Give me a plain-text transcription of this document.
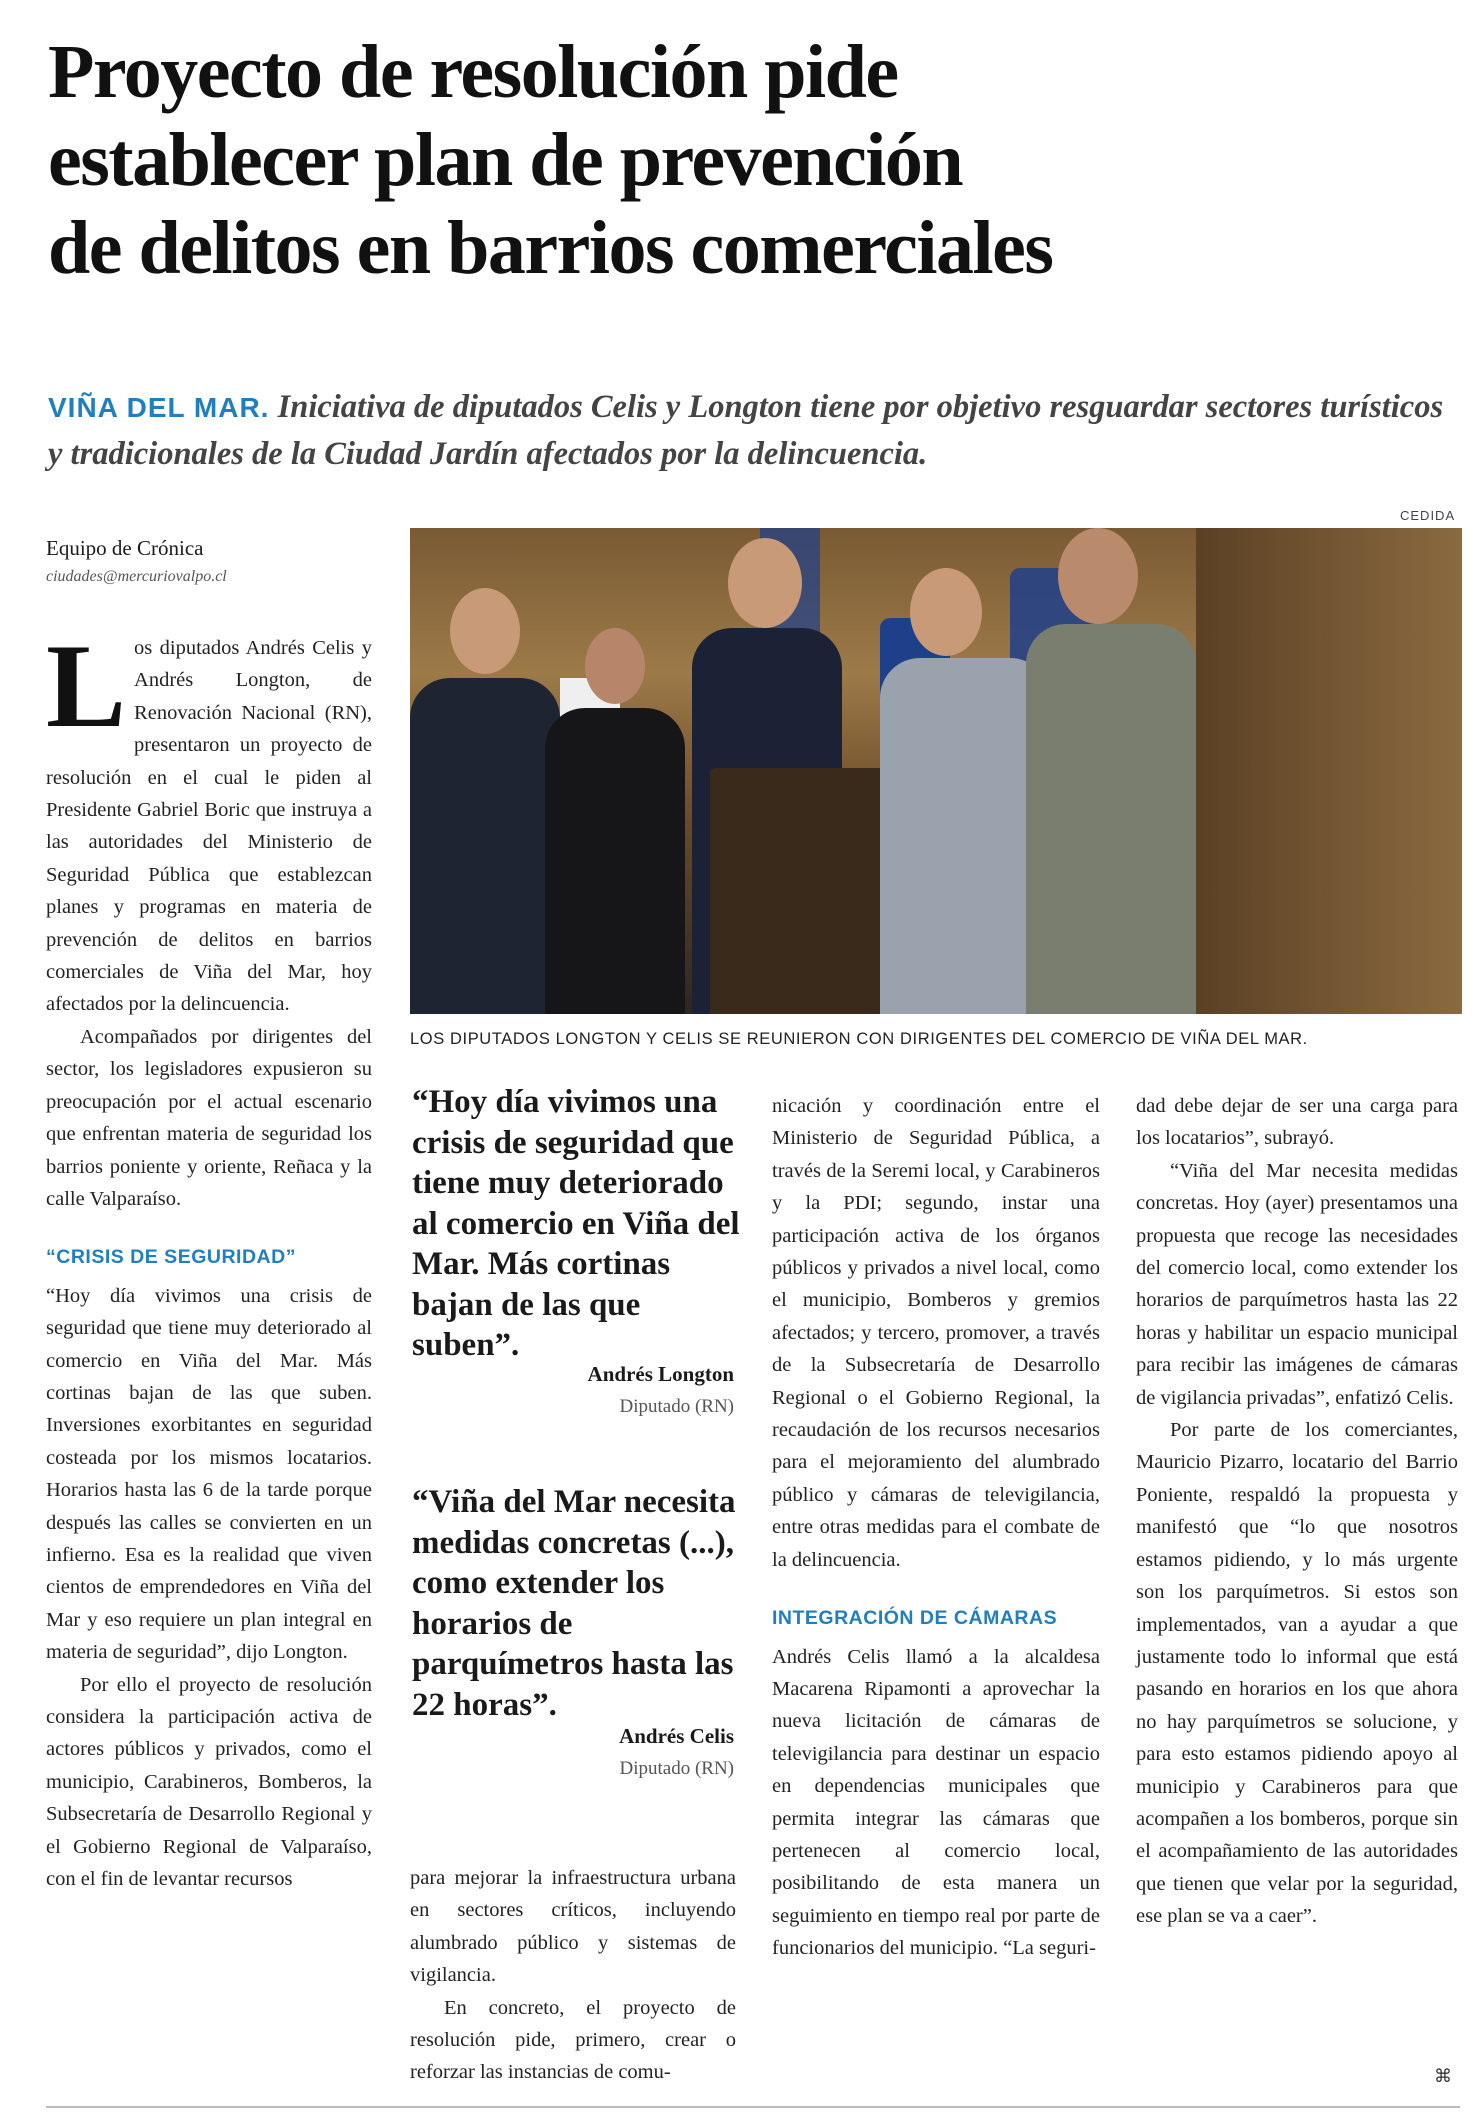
Proyecto de resolución pide
establecer plan de prevención
de delitos en barrios comerciales
VIÑA DEL MAR. Iniciativa de diputados Celis y Longton tiene por objetivo resguardar sectores turísticos y tradicionales de la Ciudad Jardín afectados por la delincuencia.
Equipo de Crónica
ciudades@mercuriovalpo.cl
CEDIDA
LOS DIPUTADOS LONGTON Y CELIS SE REUNIERON CON DIRIGENTES DEL COMERCIO DE VIÑA DEL MAR.

Los diputados Andrés Celis y Andrés Longton, de Renovación Nacional (RN), presentaron un proyecto de resolución en el cual le piden al Presidente Gabriel Boric que instruya a las autoridades del Ministerio de Seguridad Pública que establezcan planes y programas en materia de prevención de delitos en barrios comerciales de Viña del Mar, hoy afectados por la delincuencia.

Acompañados por dirigentes del sector, los legisladores expusieron su preocupación por el actual escenario que enfrentan materia de seguridad los barrios poniente y oriente, Reñaca y la calle Valparaíso.

“CRISIS DE SEGURIDAD”

“Hoy día vivimos una crisis de seguridad que tiene muy deteriorado al comercio en Viña del Mar. Más cortinas bajan de las que suben. Inversiones exorbitantes en seguridad costeada por los mismos locatarios. Horarios hasta las 6 de la tarde porque después las calles se convierten en un infierno. Esa es la realidad que viven cientos de emprendedores en Viña del Mar y eso requiere un plan integral en materia de seguridad”, dijo Longton.

Por ello el proyecto de resolución considera la participación activa de actores públicos y privados, como el municipio, Carabineros, Bomberos, la Subsecretaría de Desarrollo Regional y el Gobierno Regional de Valparaíso, con el fin de levantar recursos

“Hoy día vivimos una crisis de seguridad que tiene muy deteriorado al comercio en Viña del Mar. Más cortinas bajan de las que suben”.
Andrés Longton
Diputado (RN)
“Viña del Mar necesita medidas concretas (...), como extender los horarios de parquímetros hasta las 22 horas”.
Andrés Celis
Diputado (RN)

para mejorar la infraestructura urbana en sectores críticos, incluyendo alumbrado público y sistemas de vigilancia.

En concreto, el proyecto de resolución pide, primero, crear o reforzar las instancias de comu-

nicación y coordinación entre el Ministerio de Seguridad Pública, a través de la Seremi local, y Carabineros y la PDI; segundo, instar una participación activa de los órganos públicos y privados a nivel local, como el municipio, Bomberos y gremios afectados; y tercero, promover, a través de la Subsecretaría de Desarrollo Regional o el Gobierno Regional, la recaudación de los recursos necesarios para el mejoramiento del alumbrado público y cámaras de televigilancia, entre otras medidas para el combate de la delincuencia.

INTEGRACIÓN DE CÁMARAS

Andrés Celis llamó a la alcaldesa Macarena Ripamonti a aprovechar la nueva licitación de cámaras de televigilancia para destinar un espacio en dependencias municipales que permita integrar las cámaras que pertenecen al comercio local, posibilitando de esta manera un seguimiento en tiempo real por parte de funcionarios del municipio. “La seguri-

dad debe dejar de ser una carga para los locatarios”, subrayó.

“Viña del Mar necesita medidas concretas. Hoy (ayer) presentamos una propuesta que recoge las necesidades del comercio local, como extender los horarios de parquímetros hasta las 22 horas y habilitar un espacio municipal para recibir las imágenes de cámaras de vigilancia privadas”, enfatizó Celis.

Por parte de los comerciantes, Mauricio Pizarro, locatario del Barrio Poniente, respaldó la propuesta y manifestó que “lo que nosotros estamos pidiendo, y lo más urgente son los parquímetros. Si estos son implementados, van a ayudar a que justamente todo lo informal que está pasando en horarios en los que ahora no hay parquímetros se solucione, y para esto estamos pidiendo apoyo al municipio y Carabineros para que acompañen a los bomberos, porque sin el acompañamiento de las autoridades que tienen que velar por la seguridad, ese plan se va a caer”.

⌘
